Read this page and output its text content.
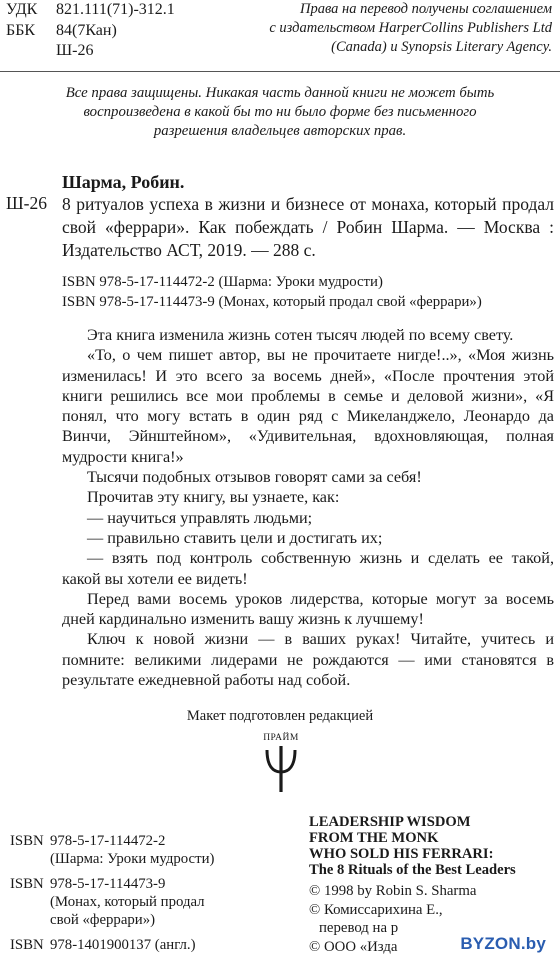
УДК	821.111(71)-312.1
ББК	84(7Кан)
Ш-26
Права на перевод получены соглашением
с издательством HarperCollins Publishers Ltd
(Canada) и Synopsis Literary Agency.
Все права защищены. Никакая часть данной книги не может быть
воспроизведена в какой бы то ни было форме без письменного
разрешения владельцев авторских прав.
Шарма, Робин.
Ш-26 8 ритуалов успеха в жизни и бизнесе от монаха, который продал свой «феррари». Как побеждать / Робин Шарма. — Москва : Издательство АСТ, 2019. — 288 с.
ISBN 978-5-17-114472-2 (Шарма: Уроки мудрости)
ISBN 978-5-17-114473-9 (Монах, который продал свой «феррари»)

Эта книга изменила жизнь сотен тысяч людей по всему свету.

«То, о чем пишет автор, вы не прочитаете нигде!..», «Моя жизнь изменилась! И это всего за восемь дней», «После прочтения этой книги решились все мои проблемы в семье и деловой жизни», «Я понял, что могу встать в один ряд с Микеланджело, Леонардо да Винчи, Эйнштейном», «Удивительная, вдохновляющая, полная мудрости книга!»

Тысячи подобных отзывов говорят сами за себя!

Прочитав эту книгу, вы узнаете, как:

— научиться управлять людьми;

— правильно ставить цели и достигать их;

— взять под контроль собственную жизнь и сделать ее такой, какой вы хотели ее видеть!

Перед вами восемь уроков лидерства, которые могут за восемь дней кардинально изменить вашу жизнь к лучшему!

Ключ к новой жизни — в ваших руках! Читайте, учитесь и помните: великими лидерами не рождаются — ими становятся в результате ежедневной работы над собой.

Макет подготовлен редакцией
ПРАЙМ
ISBN 978-5-17-114472-2
(Шарма: Уроки мудрости)
ISBN 978-5-17-114473-9
(Монах, который продал
свой «феррари»)
ISBN 978-1401900137 (англ.)
LEADERSHIP WISDOM
FROM THE MONK
WHO SOLD HIS FERRARI:
The 8 Rituals of the Best Leaders
© 1998 by Robin S. Sharma
© Комиссарихина Е.,
перевод на р
© ООО «Изда	BYZON.by
